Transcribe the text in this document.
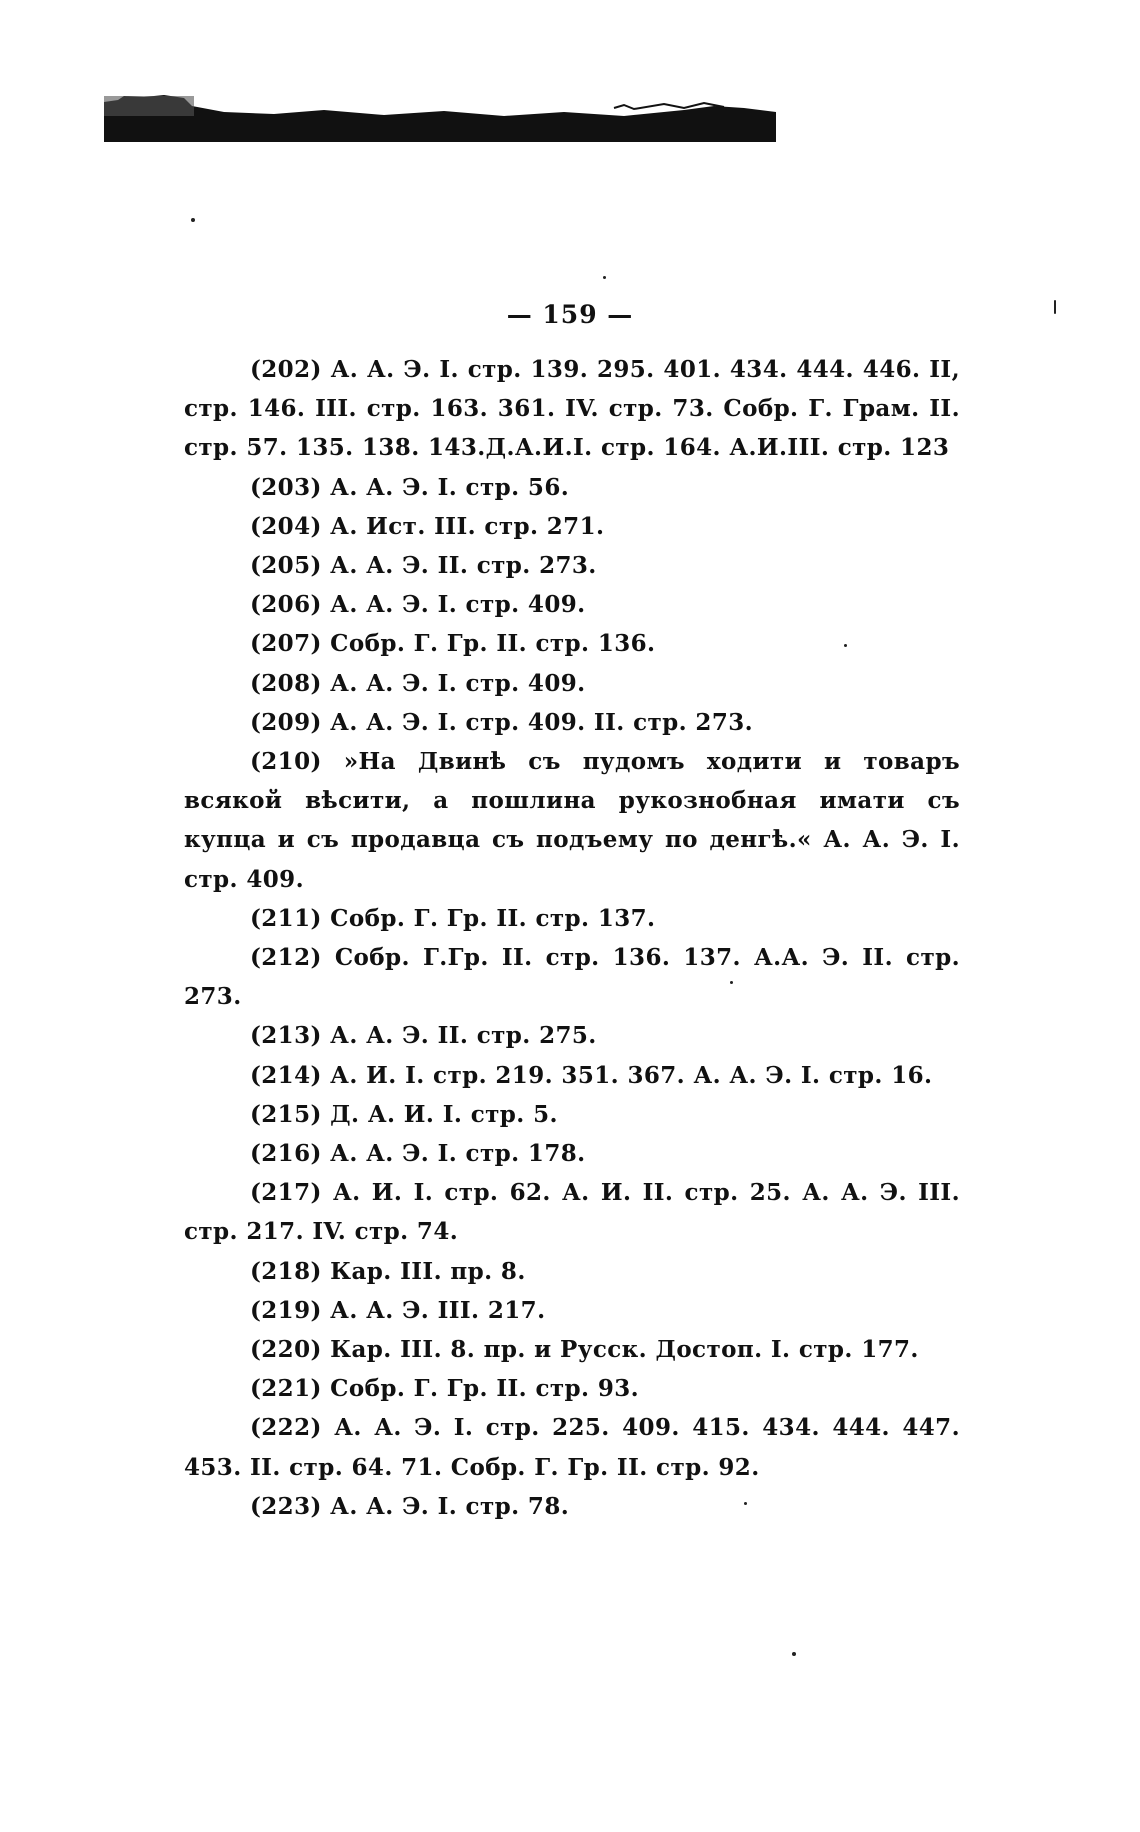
— 159 —
(202) А. А. Э. I. стр. 139. 295. 401. 434. 444. 446. II, стр. 146. III. стр. 163. 361. IV. стр. 73. Собр. Г. Грам. II. стр. 57. 135. 138. 143.Д.А.И.I. стр. 164. А.И.III. стр. 123
(203) А. А. Э. I. стр. 56.
(204) А. Ист. III. стр. 271.
(205) А. А. Э. II. стр. 273.
(206) А. А. Э. I. стр. 409.
(207) Собр. Г. Гр. II. стр. 136.
(208) А. А. Э. I. стр. 409.
(209) А. А. Э. I. стр. 409. II. стр. 273.
(210) »На Двинѣ съ пудомъ ходити и товаръ всякой вѣсити, а пошлина рукознобная имати съ купца и съ продавца съ подъему по денгѣ.« А. А. Э. I. стр. 409.
(211) Собр. Г. Гр. II. стр. 137.
(212) Собр. Г.Гр. II. стр. 136. 137. А.А. Э. II. стр. 273.
(213) А. А. Э. II. стр. 275.
(214) А. И. I. стр. 219. 351. 367. А. А. Э. I. стр. 16.
(215) Д. А. И. I. стр. 5.
(216) А. А. Э. I. стр. 178.
(217) А. И. I. стр. 62. А. И. II. стр. 25. А. А. Э. III. стр. 217. IV. стр. 74.
(218) Кар. III. пр. 8.
(219) А. А. Э. III. 217.
(220) Кар. III. 8. пр. и Русск. Достоп. I. стр. 177.
(221) Собр. Г. Гр. II. стр. 93.
(222) А. А. Э. I. стр. 225. 409. 415. 434. 444. 447. 453. II. стр. 64. 71. Собр. Г. Гр. II. стр. 92.
(223) А. А. Э. I. стр. 78.
